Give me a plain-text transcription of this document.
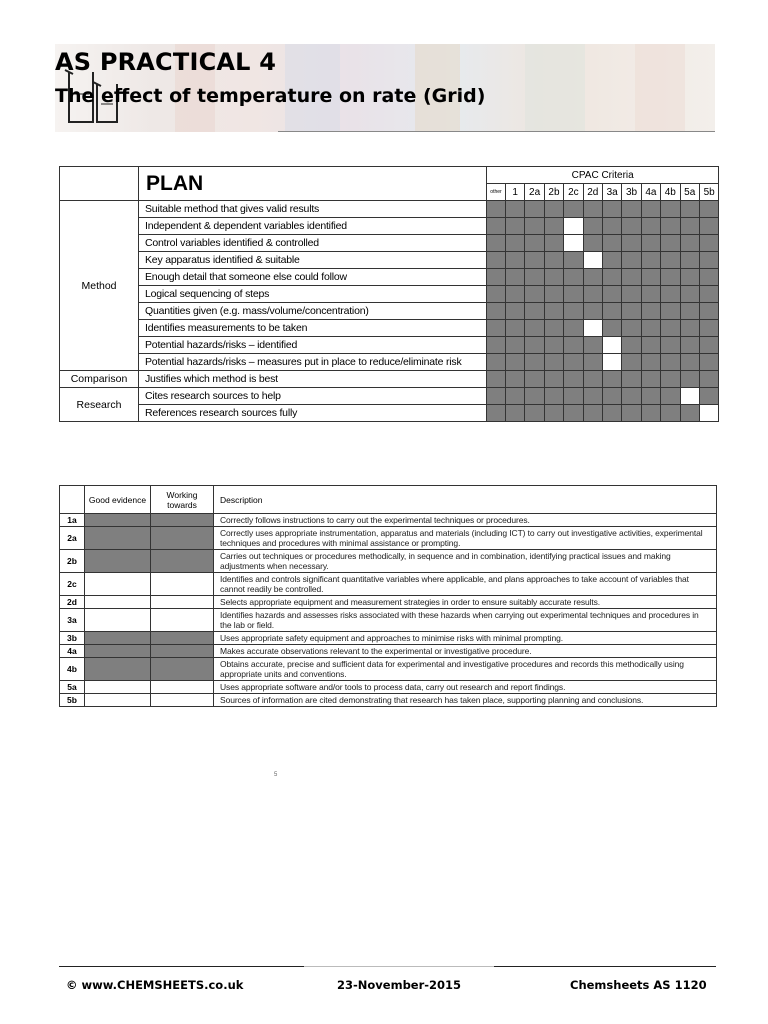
AS PRACTICAL 4
The effect of temperature on rate (Grid)
	PLAN	CPAC Criteria											
		other	1	2a	2b	2c	2d	3a	3b	4a	4b	5a	5b
Method	Suitable method that gives valid results												
	Independent & dependent variables identified												
	Control variables identified & controlled												
	Key apparatus identified & suitable												
	Enough detail that someone else could follow												
	Logical sequencing of steps												
	Quantities given (e.g. mass/volume/concentration)												
	Identifies measurements to be taken												
	Potential hazards/risks – identified												
	Potential hazards/risks – measures put in place to reduce/eliminate risk												
Comparison	Justifies which method is best												
Research	Cites research sources to help												
	References research sources fully												
	Good evidence	Working towards	Description
1a			Correctly follows instructions to carry out the experimental techniques or procedures.
2a			Correctly uses appropriate instrumentation, apparatus and materials (including ICT) to carry out investigative activities, experimental techniques and procedures with minimal assistance or prompting.
2b			Carries out techniques or procedures methodically, in sequence and in combination, identifying practical issues and making adjustments when necessary.
2c			Identifies and controls significant quantitative variables where applicable, and plans approaches to take account of variables that cannot readily be controlled.
2d			Selects appropriate equipment and measurement strategies in order to ensure suitably accurate results.
3a			Identifies hazards and assesses risks associated with these hazards when carrying out experimental techniques and procedures in the lab or field.
3b			Uses appropriate safety equipment and approaches to minimise risks with minimal prompting.
4a			Makes accurate observations relevant to the experimental or investigative procedure.
4b			Obtains accurate, precise and sufficient data for experimental and investigative procedures and records this methodically using appropriate units and conventions.
5a			Uses appropriate software and/or tools to process data, carry out research and report findings.
5b			Sources of information are cited demonstrating that research has taken place, supporting planning and conclusions.
5
© www.CHEMSHEETS.co.uk	23-November-2015	Chemsheets AS 1120
